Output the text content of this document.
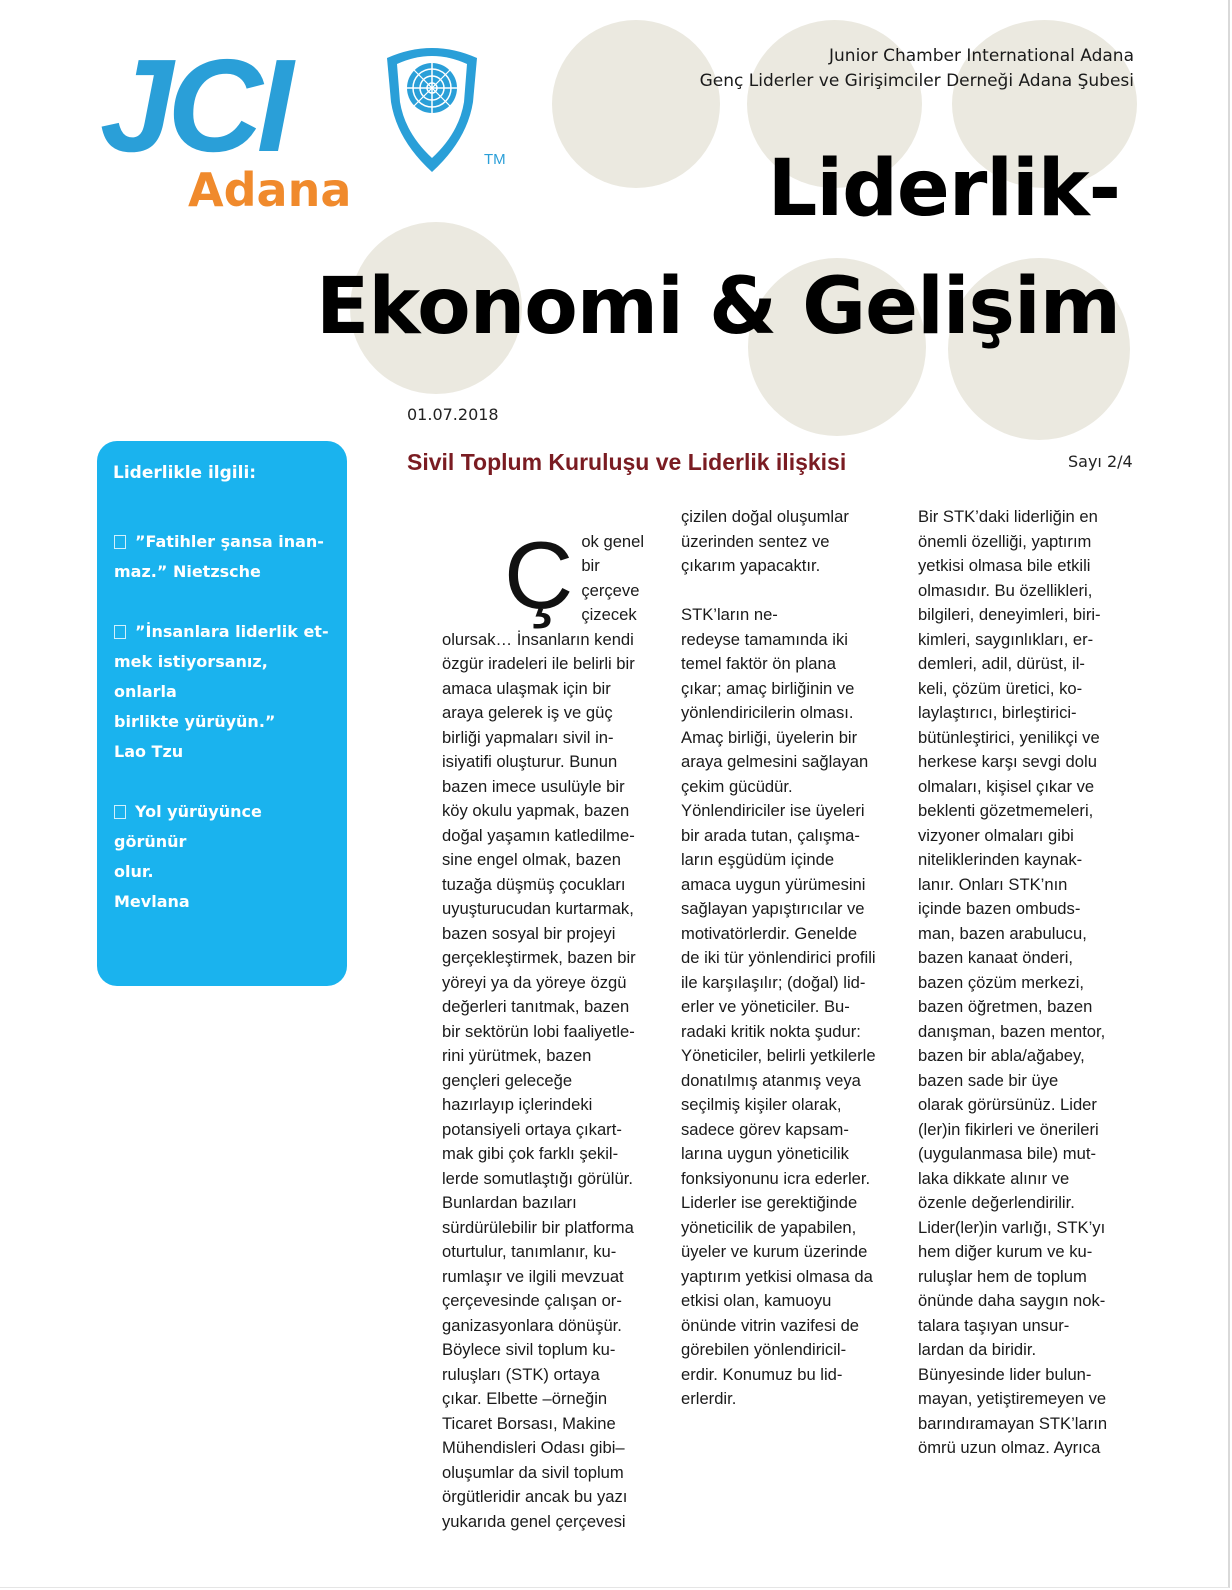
JCI	TM
Adana
Junior Chamber International Adana
Genç Liderler ve Girişimciler Derneği Adana Şubesi
Liderlik-
Ekonomi & Gelişim
01.07.2018
Sivil Toplum Kuruluşu ve Liderlik ilişkisi	Sayı 2/4
Liderlikle ilgili:
”Fatihler şansa inan-
maz.” Nietzsche
”İnsanlara liderlik et-
mek istiyorsanız, onlarla
birlikte yürüyün.”
Lao Tzu
Yol yürüyünce görünür
olur.
Mevlana

Çok genel
bir
çerçeve
çizecek
olursak… İnsanların kendi
özgür iradeleri ile belirli bir
amaca ulaşmak için bir
araya gelerek iş ve güç
birliği yapmaları sivil in-
isiyatifi oluşturur. Bunun
bazen imece usulüyle bir
köy okulu yapmak, bazen
doğal yaşamın katledilme-
sine engel olmak, bazen
tuzağa düşmüş çocukları
uyuşturucudan kurtarmak,
bazen sosyal bir projeyi
gerçekleştirmek, bazen bir
yöreyi ya da yöreye özgü
değerleri tanıtmak, bazen
bir sektörün lobi faaliyetle-
rini yürütmek, bazen
gençleri geleceğe
hazırlayıp içlerindeki
potansiyeli ortaya çıkart-
mak gibi çok farklı şekil-
lerde somutlaştığı görülür.
Bunlardan bazıları
sürdürülebilir bir platforma
oturtulur, tanımlanır, ku-
rumlaşır ve ilgili mevzuat
çerçevesinde çalışan or-
ganizasyonlara dönüşür.
Böylece sivil toplum ku-
ruluşları (STK) ortaya
çıkar. Elbette –örneğin
Ticaret Borsası, Makine
Mühendisleri Odası gibi–
oluşumlar da sivil toplum
örgütleridir ancak bu yazı
yukarıda genel çerçevesi

çizilen doğal oluşumlar
üzerinden sentez ve
çıkarım yapacaktır.

STK’ların ne-
redeyse tamamında iki
temel faktör ön plana
çıkar; amaç birliğinin ve
yönlendiricilerin olması.
Amaç birliği, üyelerin bir
araya gelmesini sağlayan
çekim gücüdür.
Yönlendiriciler ise üyeleri
bir arada tutan, çalışma-
ların eşgüdüm içinde
amaca uygun yürümesini
sağlayan yapıştırıcılar ve
motivatörlerdir. Genelde
de iki tür yönlendirici profili
ile karşılaşılır; (doğal) lid-
erler ve yöneticiler. Bu-
radaki kritik nokta şudur:
Yöneticiler, belirli yetkilerle
donatılmış atanmış veya
seçilmiş kişiler olarak,
sadece görev kapsam-
larına uygun yöneticilik
fonksiyonunu icra ederler.
Liderler ise gerektiğinde
yöneticilik de yapabilen,
üyeler ve kurum üzerinde
yaptırım yetkisi olmasa da
etkisi olan, kamuoyu
önünde vitrin vazifesi de
görebilen yönlendiricil-
erdir. Konumuz bu lid-
erlerdir.
Bir STK’daki liderliğin en
önemli özelliği, yaptırım
yetkisi olmasa bile etkili
olmasıdır. Bu özellikleri,
bilgileri, deneyimleri, biri-
kimleri, saygınlıkları, er-
demleri, adil, dürüst, il-
keli, çözüm üretici, ko-
laylaştırıcı, birleştirici-
bütünleştirici, yenilikçi ve
herkese karşı sevgi dolu
olmaları, kişisel çıkar ve
beklenti gözetmemeleri,
vizyoner olmaları gibi
niteliklerinden kaynak-
lanır. Onları STK’nın
içinde bazen ombuds-
man, bazen arabulucu,
bazen kanaat önderi,
bazen çözüm merkezi,
bazen öğretmen, bazen
danışman, bazen mentor,
bazen bir abla/ağabey,
bazen sade bir üye
olarak görürsünüz. Lider
(ler)in fikirleri ve önerileri
(uygulanmasa bile) mut-
laka dikkate alınır ve
özenle değerlendirilir.
Lider(ler)in varlığı, STK’yı
hem diğer kurum ve ku-
ruluşlar hem de toplum
önünde daha saygın nok-
talara taşıyan unsur-
lardan da biridir.
Bünyesinde lider bulun-
mayan, yetiştiremeyen ve
barındıramayan STK’ların
ömrü uzun olmaz. Ayrıca
